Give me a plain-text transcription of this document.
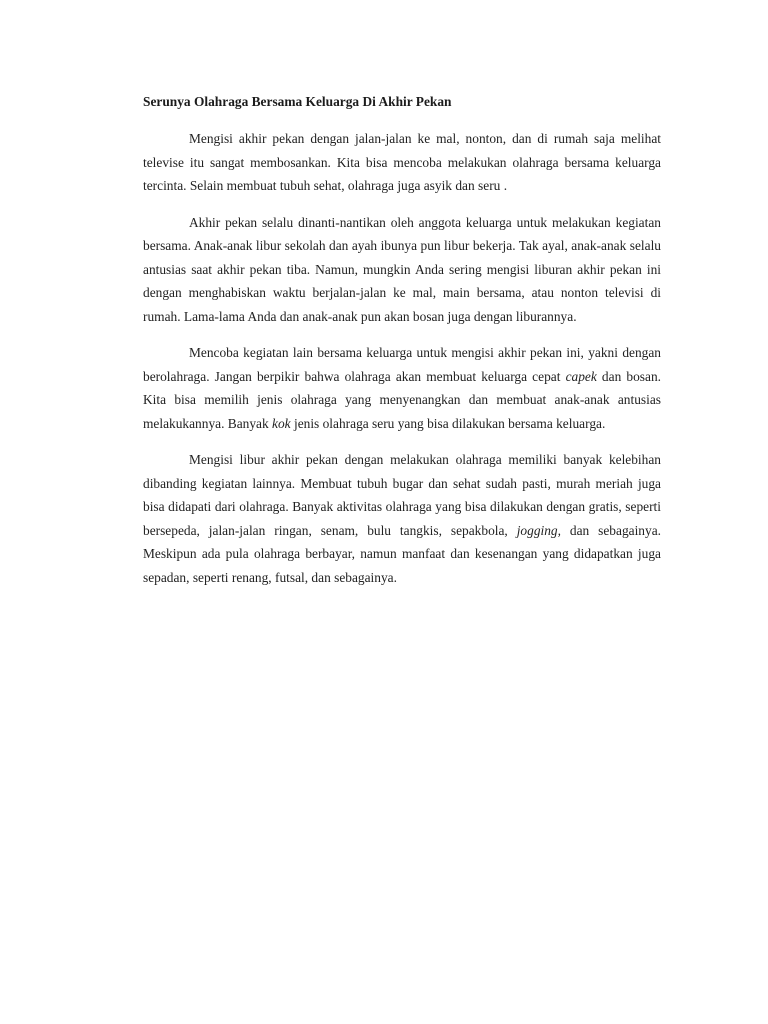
Serunya Olahraga Bersama Keluarga Di Akhir Pekan

Mengisi akhir pekan dengan jalan-jalan ke mal, nonton, dan di rumah saja melihat televise itu sangat membosankan. Kita bisa mencoba melakukan olahraga bersama keluarga tercinta. Selain membuat tubuh sehat, olahraga juga asyik dan seru .

Akhir pekan selalu dinanti-nantikan oleh anggota keluarga untuk melakukan kegiatan bersama. Anak-anak libur sekolah dan ayah ibunya pun libur bekerja. Tak ayal, anak-anak selalu antusias saat akhir pekan tiba. Namun, mungkin Anda sering mengisi liburan akhir pekan ini dengan menghabiskan waktu berjalan-jalan ke mal, main bersama, atau nonton televisi di rumah. Lama-lama Anda dan anak-anak pun akan bosan juga dengan liburannya.

Mencoba kegiatan lain bersama keluarga untuk mengisi akhir pekan ini, yakni dengan berolahraga. Jangan berpikir bahwa olahraga akan membuat keluarga cepat capek dan bosan. Kita bisa memilih jenis olahraga yang menyenangkan dan membuat anak-anak antusias melakukannya. Banyak kok jenis olahraga seru yang bisa dilakukan bersama keluarga.

Mengisi libur akhir pekan dengan melakukan olahraga memiliki banyak kelebihan dibanding kegiatan lainnya. Membuat tubuh bugar dan sehat sudah pasti, murah meriah juga bisa didapati dari olahraga. Banyak aktivitas olahraga yang bisa dilakukan dengan gratis, seperti bersepeda, jalan-jalan ringan, senam, bulu tangkis, sepakbola, jogging, dan sebagainya. Meskipun ada pula olahraga berbayar, namun manfaat dan kesenangan yang didapatkan juga sepadan, seperti renang, futsal, dan sebagainya.
